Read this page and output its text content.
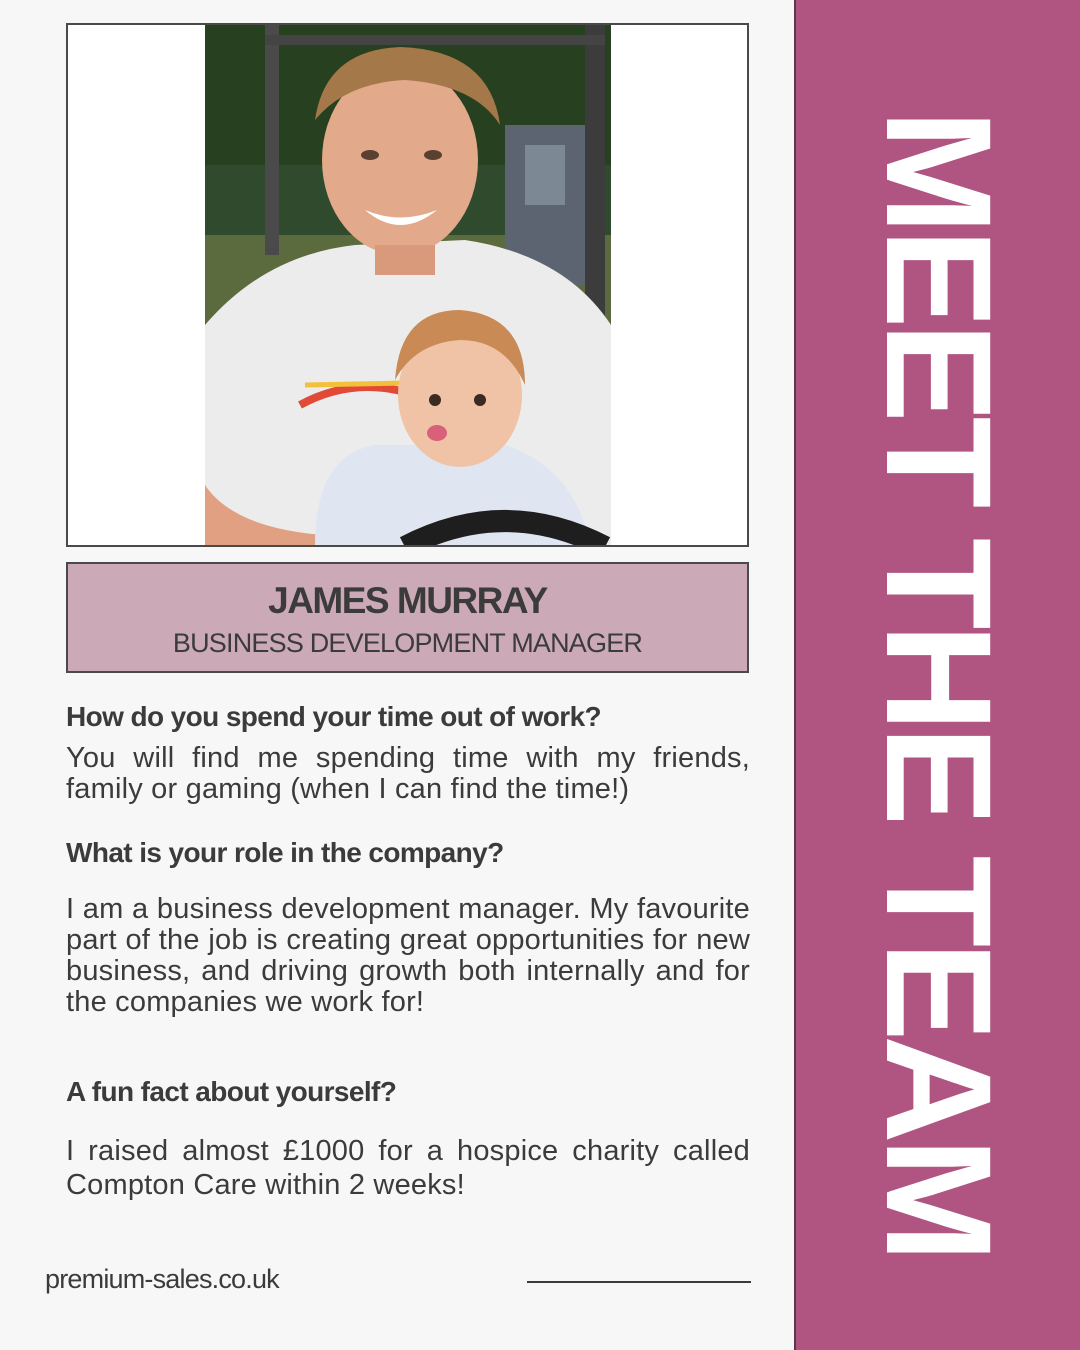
JAMES MURRAY
BUSINESS DEVELOPMENT MANAGER

How do you spend your time out of work?

You will find me spending time with my friends, family or gaming (when I can find the time!)

What is your role in the company?

I am a business development manager. My favourite part of the job is creating great opportunities for new business, and driving growth both internally and for the companies we work for!

A fun fact about yourself?

I raised almost £1000 for a hospice charity called Compton Care within 2 weeks!

premium-sales.co.uk
MEET THE TEAM
